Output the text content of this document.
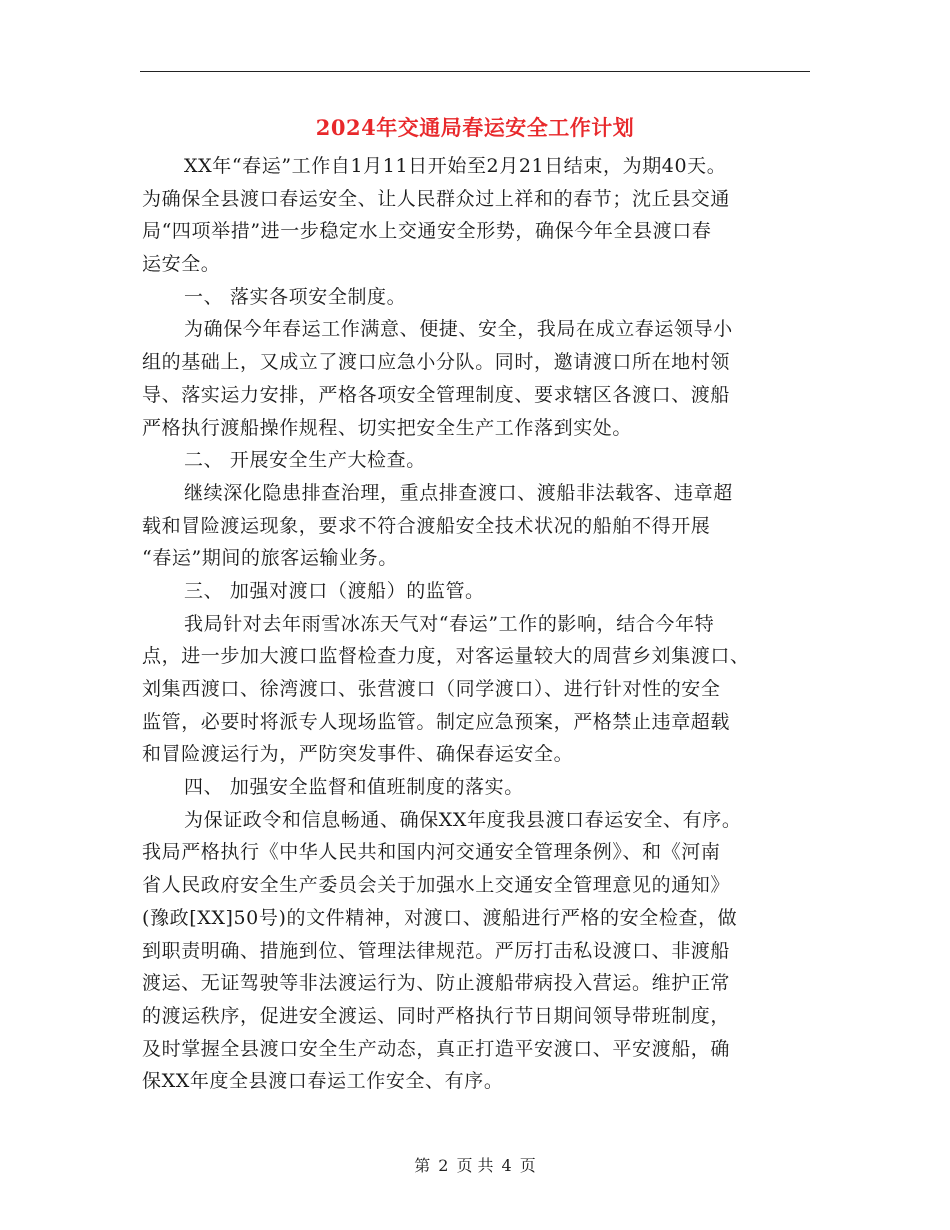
2024年交通局春运安全工作计划
XX年“春运”工作自1月11日开始至2月21日结束，为期40天。
为确保全县渡口春运安全、让人民群众过上祥和的春节；沈丘县交通
局“四项举措”进一步稳定水上交通安全形势，确保今年全县渡口春
运安全。
一、 落实各项安全制度。
为确保今年春运工作满意、便捷、安全，我局在成立春运领导小
组的基础上，又成立了渡口应急小分队。同时，邀请渡口所在地村领
导、落实运力安排，严格各项安全管理制度、要求辖区各渡口、渡船
严格执行渡船操作规程、切实把安全生产工作落到实处。
二、 开展安全生产大检查。
继续深化隐患排查治理，重点排查渡口、渡船非法载客、违章超
载和冒险渡运现象，要求不符合渡船安全技术状况的船舶不得开展
“春运”期间的旅客运输业务。
三、 加强对渡口（渡船）的监管。
我局针对去年雨雪冰冻天气对“春运”工作的影响，结合今年特
点，进一步加大渡口监督检查力度，对客运量较大的周营乡刘集渡口、
刘集西渡口、徐湾渡口、张营渡口（同学渡口）、进行针对性的安全
监管，必要时将派专人现场监管。制定应急预案，严格禁止违章超载
和冒险渡运行为，严防突发事件、确保春运安全。
四、 加强安全监督和值班制度的落实。
为保证政令和信息畅通、确保XX年度我县渡口春运安全、有序。
我局严格执行《中华人民共和国内河交通安全管理条例》、和《河南
省人民政府安全生产委员会关于加强水上交通安全管理意见的通知》
(豫政[XX]50号)的文件精神，对渡口、渡船进行严格的安全检查，做
到职责明确、措施到位、管理法律规范。严厉打击私设渡口、非渡船
渡运、无证驾驶等非法渡运行为、防止渡船带病投入营运。维护正常
的渡运秩序，促进安全渡运、同时严格执行节日期间领导带班制度，
及时掌握全县渡口安全生产动态，真正打造平安渡口、平安渡船，确
保XX年度全县渡口春运工作安全、有序。
第 2 页 共 4 页
